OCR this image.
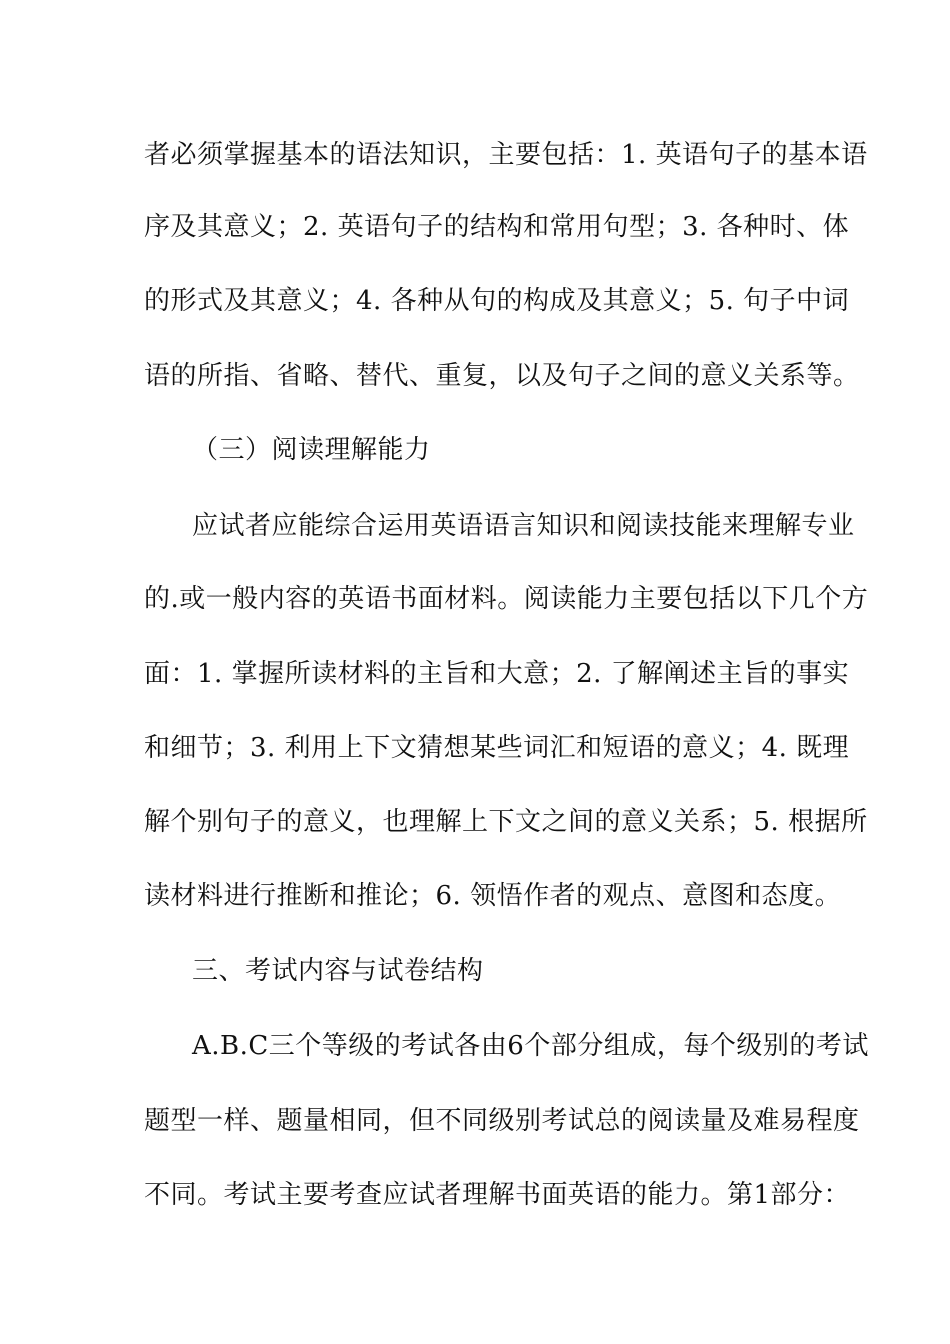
者必须掌握基本的语法知识，主要包括：1. 英语句子的基本语
序及其意义；2. 英语句子的结构和常用句型；3. 各种时、体
的形式及其意义；4. 各种从句的构成及其意义；5. 句子中词
语的所指、省略、替代、重复，以及句子之间的意义关系等。
（三）阅读理解能力
应试者应能综合运用英语语言知识和阅读技能来理解专业
的.或一般内容的英语书面材料。阅读能力主要包括以下几个方
面：1. 掌握所读材料的主旨和大意；2. 了解阐述主旨的事实
和细节；3. 利用上下文猜想某些词汇和短语的意义；4. 既理
解个别句子的意义，也理解上下文之间的意义关系；5. 根据所
读材料进行推断和推论；6. 领悟作者的观点、意图和态度。
三、考试内容与试卷结构
A.B.C三个等级的考试各由6个部分组成，每个级别的考试
题型一样、题量相同，但不同级别考试总的阅读量及难易程度
不同。考试主要考查应试者理解书面英语的能力。第1部分：
